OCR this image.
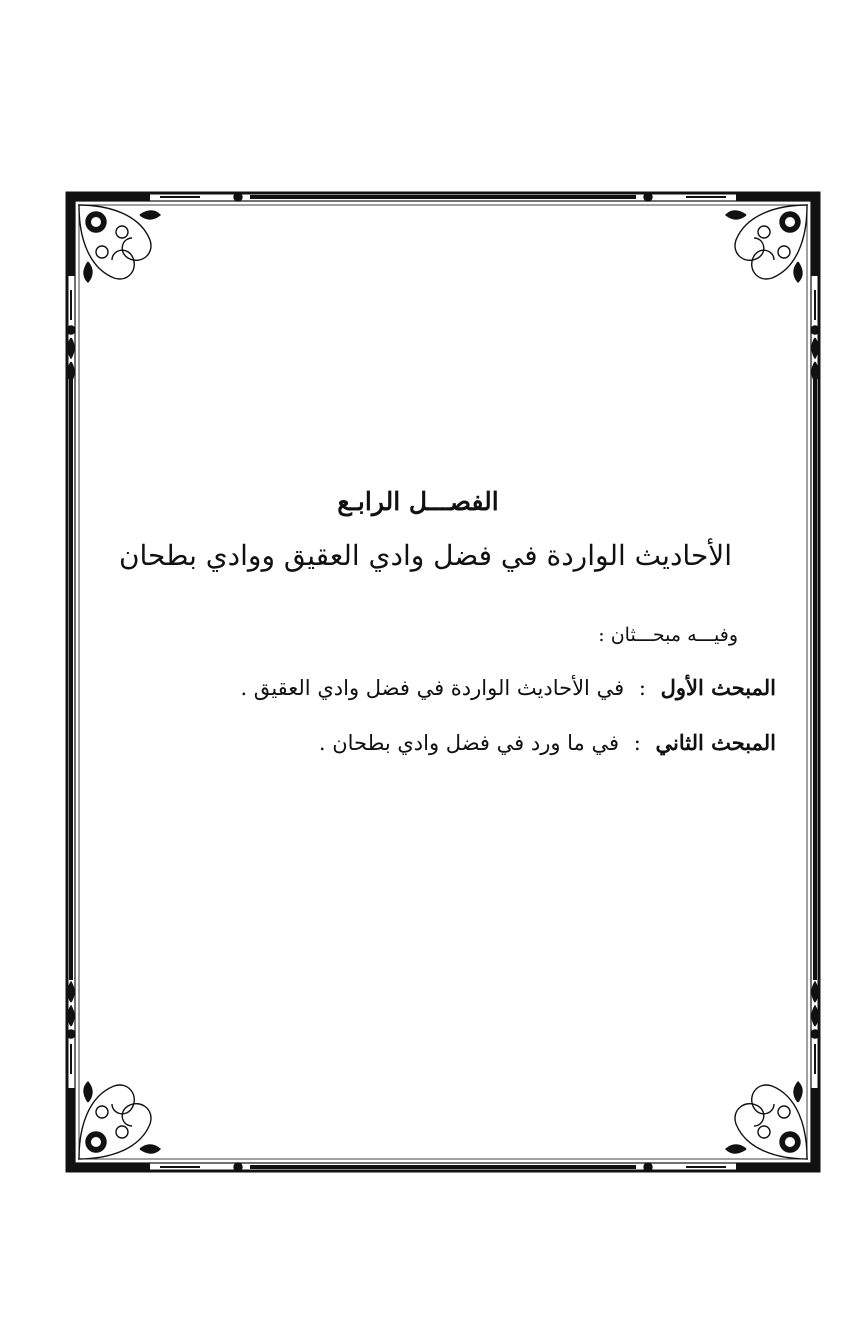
الفصـــل الرابـع
الأحاديث الواردة في فضل وادي العقيق ووادي بطحان
وفيـــه مبحـــثان :
المبحث الأول : في الأحاديث الواردة في فضل وادي العقيق .
المبحث الثاني : في ما ورد في فضل وادي بطحان .
